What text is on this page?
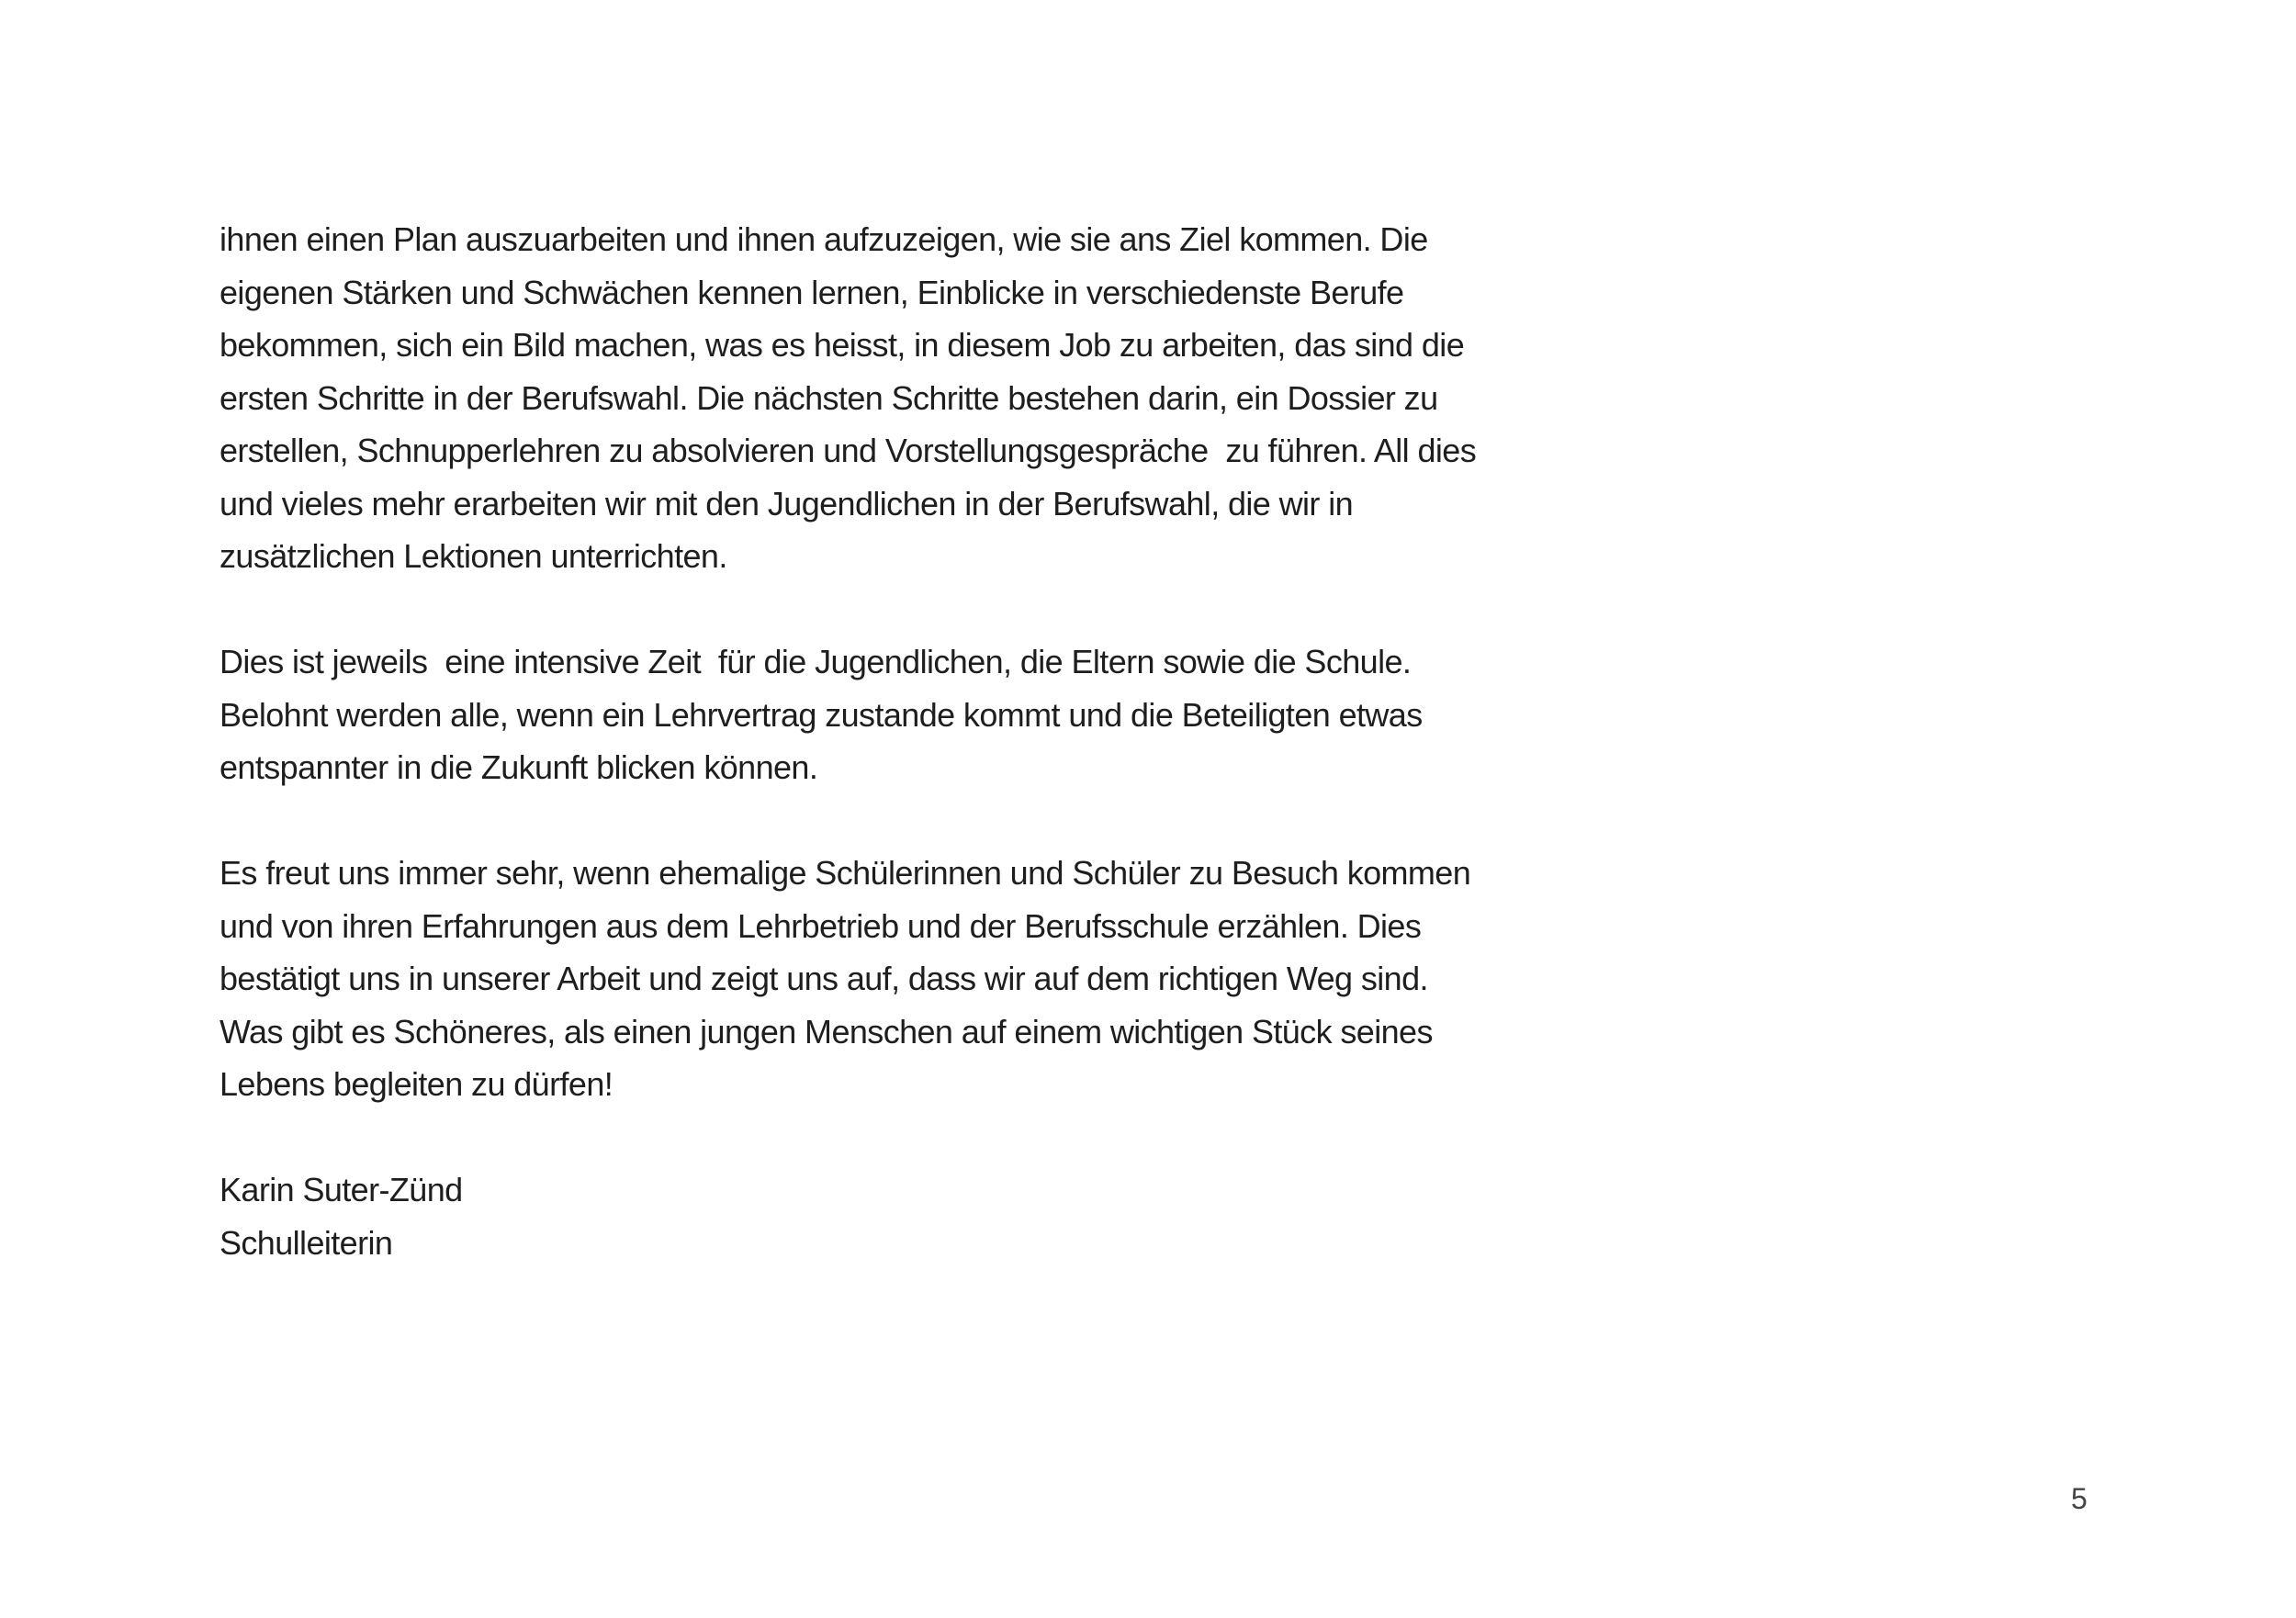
ihnen einen Plan auszuarbeiten und ihnen aufzuzeigen, wie sie ans Ziel kommen. Die
eigenen Stärken und Schwächen kennen lernen, Einblicke in verschiedenste Berufe
bekommen, sich ein Bild machen, was es heisst, in diesem Job zu arbeiten, das sind die
ersten Schritte in der Berufswahl. Die nächsten Schritte bestehen darin, ein Dossier zu
erstellen, Schnupperlehren zu absolvieren und Vorstellungsgespräche  zu führen. All dies
und vieles mehr erarbeiten wir mit den Jugendlichen in der Berufswahl, die wir in
zusätzlichen Lektionen unterrichten.
Dies ist jeweils  eine intensive Zeit  für die Jugendlichen, die Eltern sowie die Schule.
Belohnt werden alle, wenn ein Lehrvertrag zustande kommt und die Beteiligten etwas
entspannter in die Zukunft blicken können.
Es freut uns immer sehr, wenn ehemalige Schülerinnen und Schüler zu Besuch kommen
und von ihren Erfahrungen aus dem Lehrbetrieb und der Berufsschule erzählen. Dies
bestätigt uns in unserer Arbeit und zeigt uns auf, dass wir auf dem richtigen Weg sind.
Was gibt es Schöneres, als einen jungen Menschen auf einem wichtigen Stück seines
Lebens begleiten zu dürfen!
Karin Suter-Zünd
Schulleiterin
5
